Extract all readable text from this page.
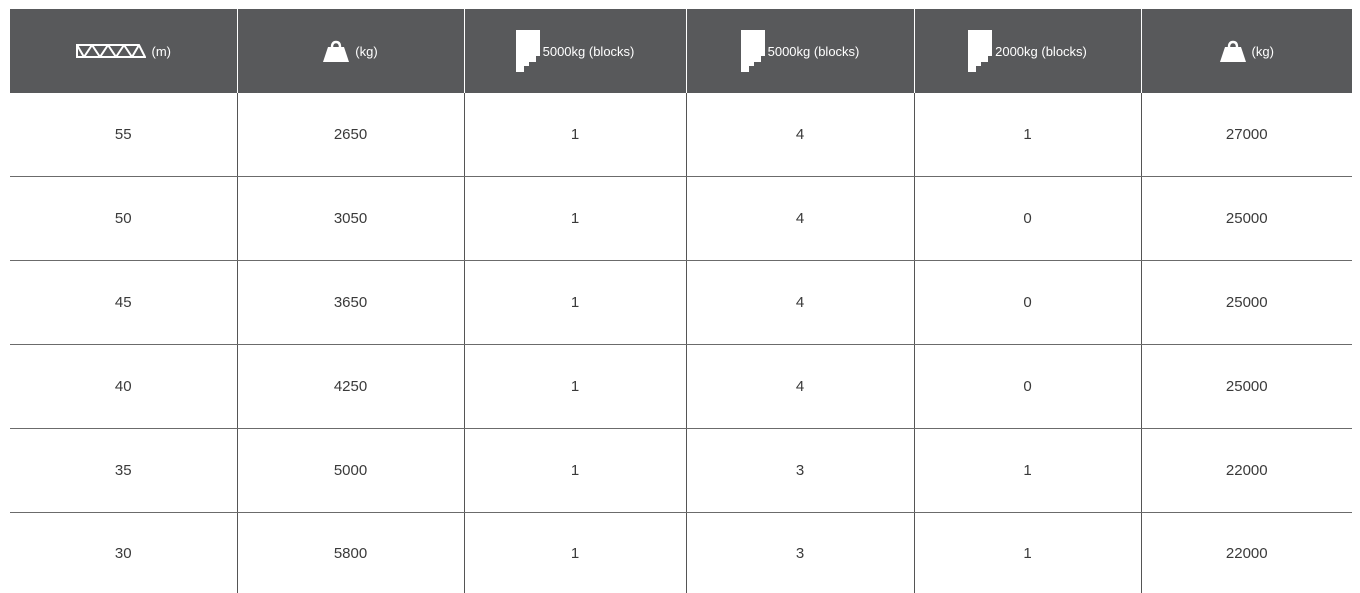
(m)	(kg)	5000kg (blocks)	5000kg (blocks)	2000kg (blocks)	(kg)

55	2650	1	4	1	27000
50	3050	1	4	0	25000
45	3650	1	4	0	25000
40	4250	1	4	0	25000
35	5000	1	3	1	22000
30	5800	1	3	1	22000
